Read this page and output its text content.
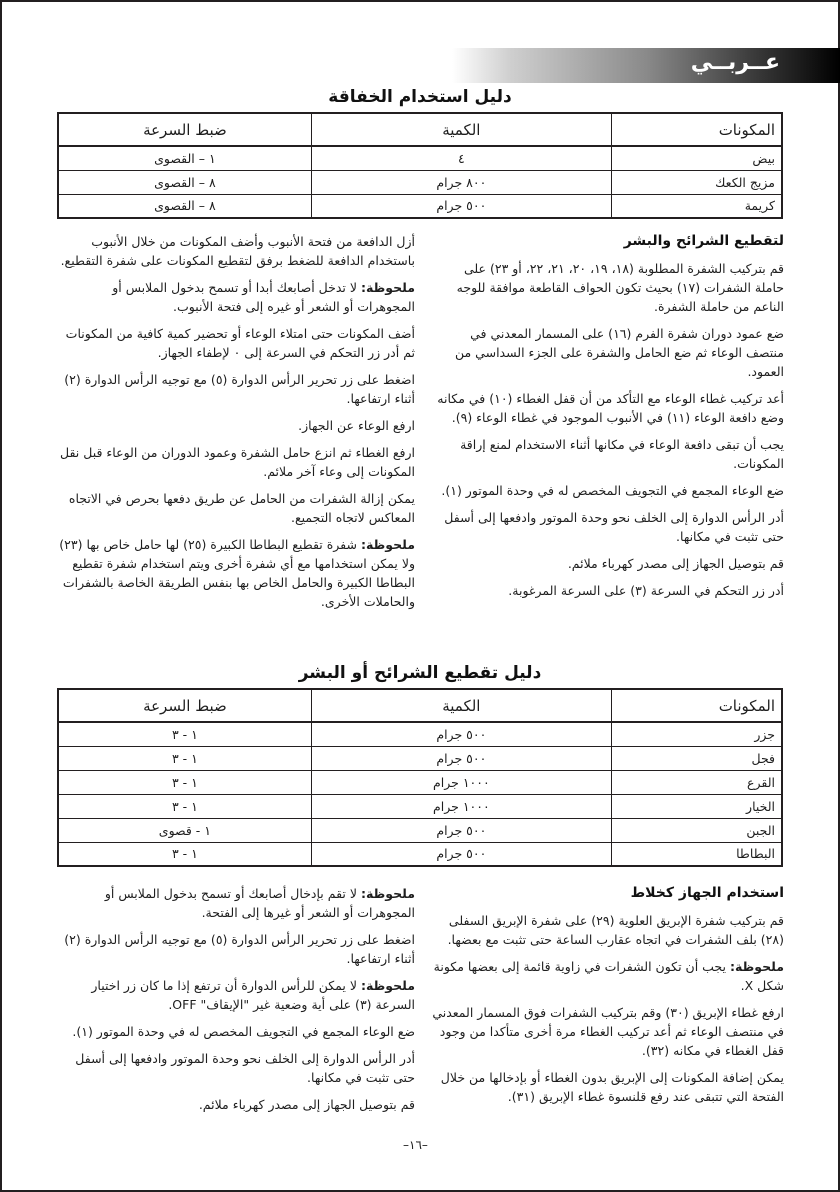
عــربــي
دليل استخدام الخفاقة
المكونات	الكمية	ضبط السرعة
بيض	٤	١ – القصوى
مزيج الكعك	٨٠٠ جرام	٨ – القصوى
كريمة	٥٠٠ جرام	٨ – القصوى
لتقطيع الشرائح والبشر

قم بتركيب الشفرة المطلوبة (١٨، ١٩، ٢٠، ٢١، ٢٢، أو ٢٣) على حاملة الشفرات (١٧) بحيث تكون الحواف القاطعة موافقة للوجه الناعم من حاملة الشفرة.

ضع عمود دوران شفرة الفرم (١٦) على المسمار المعدني في منتصف الوعاء ثم ضع الحامل والشفرة على الجزء السداسي من العمود.

أعد تركيب غطاء الوعاء مع التأكد من أن قفل الغطاء (١٠) في مكانه وضع دافعة الوعاء (١١) في الأنبوب الموجود في غطاء الوعاء (٩).

يجب أن تبقى دافعة الوعاء في مكانها أثناء الاستخدام لمنع إراقة المكونات.

ضع الوعاء المجمع في التجويف المخصص له في وحدة الموتور (١).

أدر الرأس الدوارة إلى الخلف نحو وحدة الموتور وادفعها إلى أسفل حتى تثبت في مكانها.

قم بتوصيل الجهاز إلى مصدر كهرباء ملائم.

أدر زر التحكم في السرعة (٣) على السرعة المرغوبة.

أزل الدافعة من فتحة الأنبوب وأضف المكونات من خلال الأنبوب باستخدام الدافعة للضغط برفق لتقطيع المكونات على شفرة التقطيع.

ملحوظة: لا تدخل أصابعك أبدا أو تسمح بدخول الملابس أو المجوهرات أو الشعر أو غيره إلى فتحة الأنبوب.

أضف المكونات حتى امتلاء الوعاء أو تحضير كمية كافية من المكونات ثم أدر زر التحكم في السرعة إلى ٠ لإطفاء الجهاز.

اضغط على زر تحرير الرأس الدوارة (٥) مع توجيه الرأس الدوارة (٢) أثناء ارتفاعها.

ارفع الوعاء عن الجهاز.

ارفع الغطاء ثم انزع حامل الشفرة وعمود الدوران من الوعاء قبل نقل المكونات إلى وعاء آخر ملائم.

يمكن إزالة الشفرات من الحامل عن طريق دفعها بحرص في الاتجاه المعاكس لاتجاه التجميع.

ملحوظة: شفرة تقطيع البطاطا الكبيرة (٢٥) لها حامل خاص بها (٢٣) ولا يمكن استخدامها مع أي شفرة أخرى ويتم استخدام شفرة تقطيع البطاطا الكبيرة والحامل الخاص بها بنفس الطريقة الخاصة بالشفرات والحاملات الأخرى.

دليل تقطيع الشرائح أو البشر
المكونات	الكمية	ضبط السرعة
جزر	٥٠٠ جرام	١ - ٣
فجل	٥٠٠ جرام	١ - ٣
القرع	١٠٠٠ جرام	١ - ٣
الخيار	١٠٠٠ جرام	١ - ٣
الجبن	٥٠٠ جرام	١ - قصوى
البطاطا	٥٠٠ جرام	١ - ٣
استخدام الجهاز كخلاط

قم بتركيب شفرة الإبريق العلوية (٢٩) على شفرة الإبريق السفلى (٢٨) بلف الشفرات في اتجاه عقارب الساعة حتى تثبت مع بعضها.

ملحوظة: يجب أن تكون الشفرات في زاوية قائمة إلى بعضها مكونة شكل X.

ارفع غطاء الإبريق (٣٠) وقم بتركيب الشفرات فوق المسمار المعدني في منتصف الوعاء ثم أعد تركيب الغطاء مرة أخرى متأكدا من وجود قفل الغطاء في مكانه (٣٢).

يمكن إضافة المكونات إلى الإبريق بدون الغطاء أو بإدخالها من خلال الفتحة التي تتبقى عند رفع قلنسوة غطاء الإبريق (٣١).

ملحوظة: لا تقم بإدخال أصابعك أو تسمح بدخول الملابس أو المجوهرات أو الشعر أو غيرها إلى الفتحة.

اضغط على زر تحرير الرأس الدوارة (٥) مع توجيه الرأس الدوارة (٢) أثناء ارتفاعها.

ملحوظة: لا يمكن للرأس الدوارة أن ترتفع إذا ما كان زر اختيار السرعة (٣) على أية وضعية غير "الإيقاف" OFF.

ضع الوعاء المجمع في التجويف المخصص له في وحدة الموتور (١).

أدر الرأس الدوارة إلى الخلف نحو وحدة الموتور وادفعها إلى أسفل حتى تثبت في مكانها.

قم بتوصيل الجهاز إلى مصدر كهرباء ملائم.

–١٦–
